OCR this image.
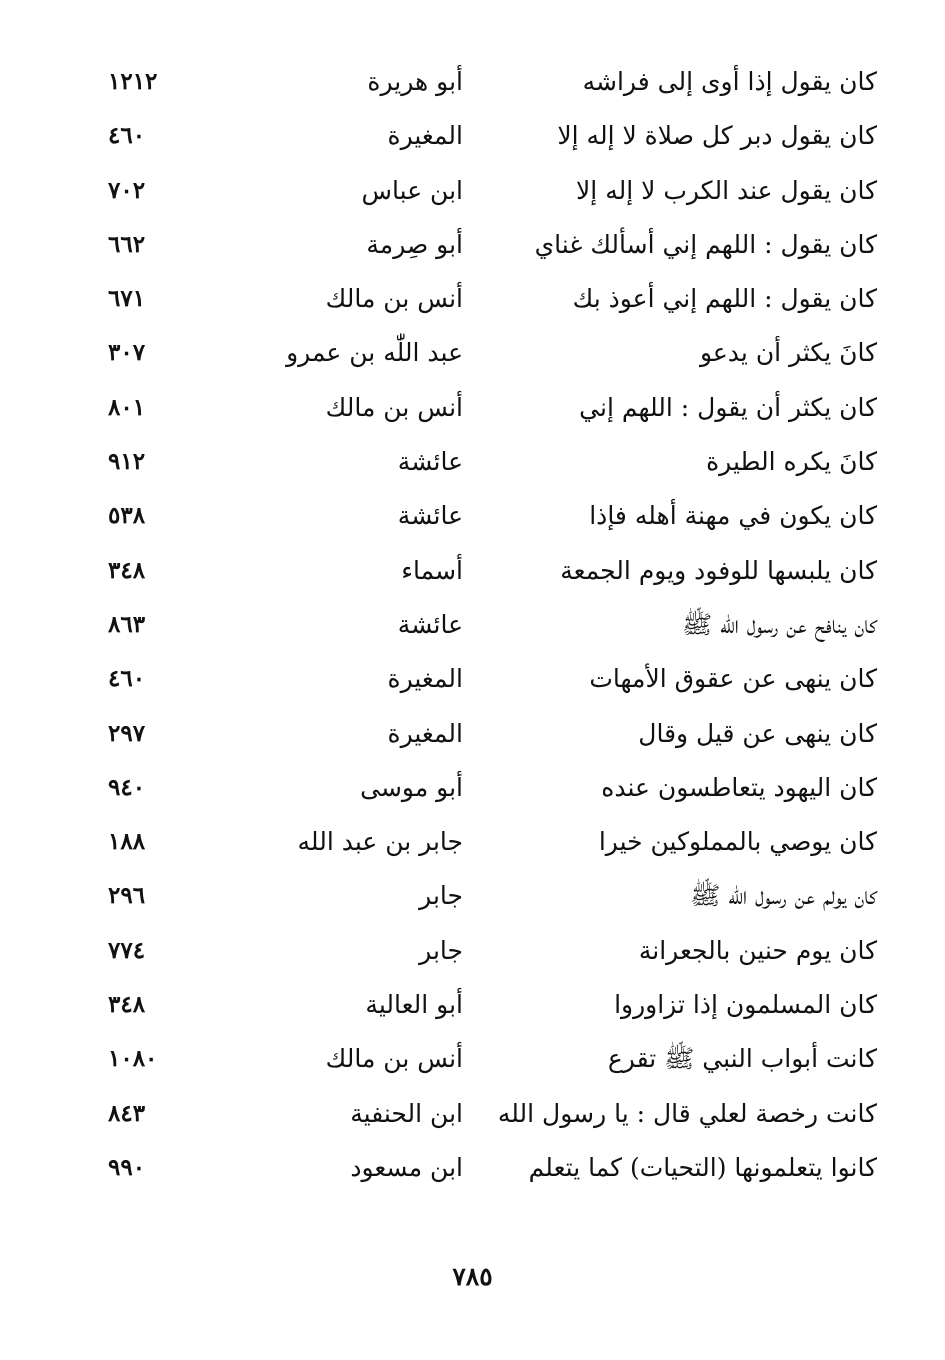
كان يقول إذا أوى إلى فراشه
أبو هريرة
١٢١٢
كان يقول دبر كل صلاة لا إله إلا
المغيرة
٤٦٠
كان يقول عند الكرب لا إله إلا
ابن عباس
٧٠٢
كان يقول : اللهم إني أسألك غناي
أبو صِرمة
٦٦٢
كان يقول : اللهم إني أعوذ بك
أنس بن مالك
٦٧١
كانَ يكثر أن يدعو
عبد اللّٰه بن عمرو
٣٠٧
كان يكثر أن يقول : اللهم إني
أنس بن مالك
٨٠١
كانَ يكره الطيرة
عائشة
٩١٢
كان يكون في مهنة أهله فإذا
عائشة
٥٣٨
كان يلبسها للوفود ويوم الجمعة
أسماء
٣٤٨
كان ينافح عن رسول الله ﷺ
عائشة
٨٦٣
كان ينهى عن عقوق الأمهات
المغيرة
٤٦٠
كان ينهى عن قيل وقال
المغيرة
٢٩٧
كان اليهود يتعاطسون عنده
أبو موسى
٩٤٠
كان يوصي بالمملوكين خيرا
جابر بن عبد الله
١٨٨
كان يولم عن رسول الله ﷺ
جابر
٢٩٦
كان يوم حنين بالجعرانة
جابر
٧٧٤
كان المسلمون إذا تزاوروا
أبو العالية
٣٤٨
كانت أبواب النبي ﷺ تقرع
أنس بن مالك
١٠٨٠
كانت رخصة لعلي قال : يا رسول الله
ابن الحنفية
٨٤٣
كانوا يتعلمونها (التحيات) كما يتعلم
ابن مسعود
٩٩٠
٧٨٥
